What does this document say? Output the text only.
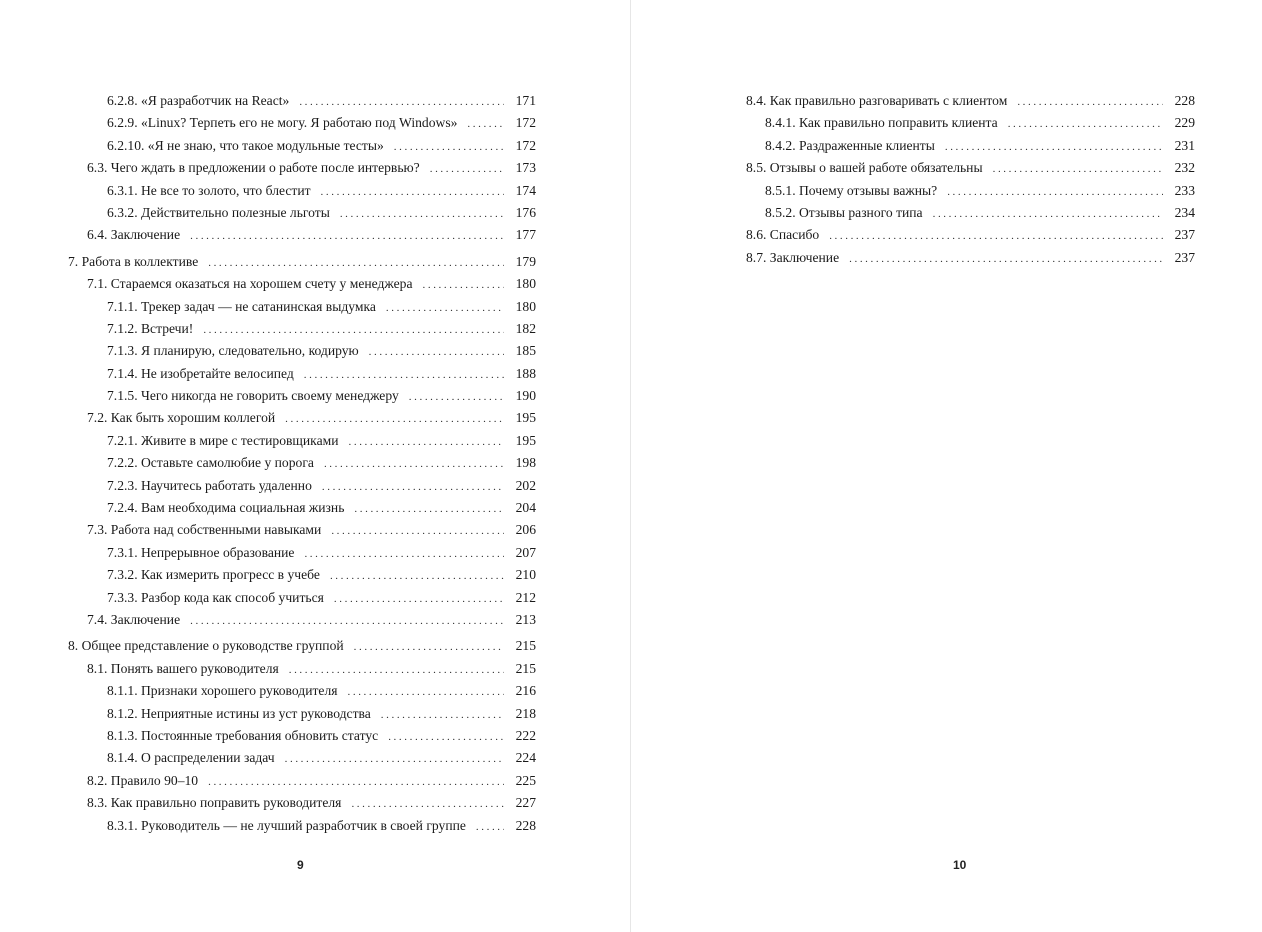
6.2.8. «Я разработчик на React» .....	171
6.2.9. «Linux? Терпеть его не могу. Я работаю под Windows» .....	172
6.2.10. «Я не знаю, что такое модульные тесты» .....	172
6.3. Чего ждать в предложении о работе после интервью? .....	173
6.3.1. Не все то золото, что блестит .....	174
6.3.2. Действительно полезные льготы .....	176
6.4. Заключение .....	177
7. Работа в коллективе .....	179
7.1. Стараемся оказаться на хорошем счету у менеджера .....	180
7.1.1. Трекер задач — не сатанинская выдумка .....	180
7.1.2. Встречи! .....	182
7.1.3. Я планирую, следовательно, кодирую .....	185
7.1.4. Не изобретайте велосипед .....	188
7.1.5. Чего никогда не говорить своему менеджеру .....	190
7.2. Как быть хорошим коллегой .....	195
7.2.1. Живите в мире с тестировщиками .....	195
7.2.2. Оставьте самолюбие у порога .....	198
7.2.3. Научитесь работать удаленно .....	202
7.2.4. Вам необходима социальная жизнь .....	204
7.3. Работа над собственными навыками .....	206
7.3.1. Непрерывное образование .....	207
7.3.2. Как измерить прогресс в учебе .....	210
7.3.3. Разбор кода как способ учиться .....	212
7.4. Заключение .....	213
8. Общее представление о руководстве группой .....	215
8.1. Понять вашего руководителя .....	215
8.1.1. Признаки хорошего руководителя .....	216
8.1.2. Неприятные истины из уст руководства .....	218
8.1.3. Постоянные требования обновить статус .....	222
8.1.4. О распределении задач .....	224
8.2. Правило 90–10 .....	225
8.3. Как правильно поправить руководителя .....	227
8.3.1. Руководитель — не лучший разработчик в своей группе .....	228
9
8.4. Как правильно разговаривать с клиентом .....	228
8.4.1. Как правильно поправить клиента .....	229
8.4.2. Раздраженные клиенты .....	231
8.5. Отзывы о вашей работе обязательны .....	232
8.5.1. Почему отзывы важны? .....	233
8.5.2. Отзывы разного типа .....	234
8.6. Спасибо .....	237
8.7. Заключение .....	237
10
